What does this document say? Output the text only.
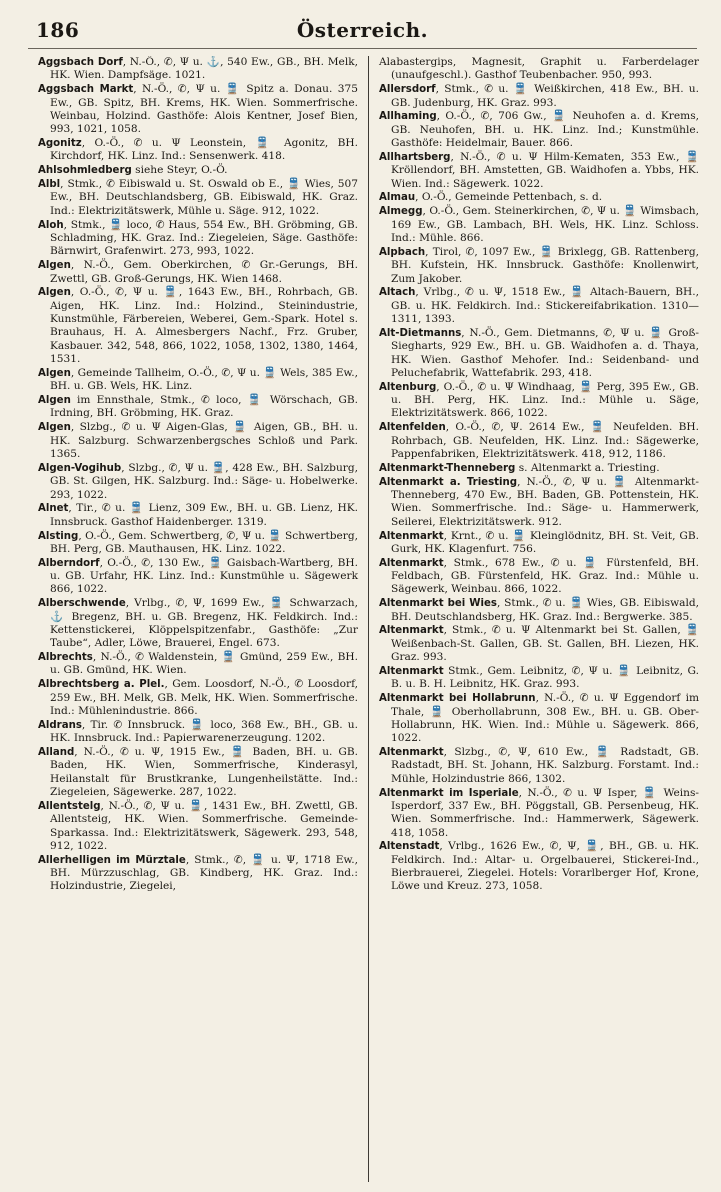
186	Österreich.

Aggsbach Dorf, N.-Ö., ✆, Ψ u. ⚓, 540 Ew., GB., BH. Melk, HK. Wien. Dampfsäge. 1021.

Aggsbach Markt, N.-Ö., ✆, Ψ u. 🚆 Spitz a. Donau. 375 Ew., GB. Spitz, BH. Krems, HK. Wien. Sommerfrische. Weinbau, Holzind. Gasthöfe: Alois Kentner, Josef Bien, 993, 1021, 1058.

Agonitz, O.-Ö., ✆ u. Ψ Leonstein, 🚆 Agonitz, BH. Kirchdorf, HK. Linz. Ind.: Sensenwerk. 418.

Ahlsohmledberg siehe Steyr, O.-Ö.

Albl, Stmk., ✆ Eibiswald u. St. Oswald ob E., 🚆 Wies, 507 Ew., BH. Deutschlandsberg, GB. Eibiswald, HK. Graz. Ind.: Elektrizitätswerk, Mühle u. Säge. 912, 1022.

Aloh, Stmk., 🚆 loco, ✆ Haus, 554 Ew., BH. Gröbming, GB. Schladming, HK. Graz. Ind.: Ziegeleien, Säge. Gasthöfe: Bärnwirt, Grafenwirt. 273, 993, 1022.

Algen, N.-Ö., Gem. Oberkirchen, ✆ Gr.-Gerungs, BH. Zwettl, GB. Groß-Gerungs, HK. Wien 1468.

Algen, O.-Ö., ✆, Ψ u. 🚆, 1643 Ew., BH., Rohrbach, GB. Aigen, HK. Linz. Ind.: Holzind., Steinindustrie, Kunstmühle, Färbereien, Weberei, Gem.-Spark. Hotel s. Brauhaus, H. A. Almesbergers Nachf., Frz. Gruber, Kasbauer. 342, 548, 866, 1022, 1058, 1302, 1380, 1464, 1531.

Algen, Gemeinde Tallheim, O.-Ö., ✆, Ψ u. 🚆 Wels, 385 Ew., BH. u. GB. Wels, HK. Linz.

Algen im Ennsthale, Stmk., ✆ loco, 🚆 Wörschach, GB. Irdning, BH. Gröbming, HK. Graz.

Algen, Slzbg., ✆ u. Ψ Aigen-Glas, 🚆 Aigen, GB., BH. u. HK. Salzburg. Schwarzenbergsches Schloß und Park. 1365.

Algen-Vogihub, Slzbg., ✆, Ψ u. 🚆, 428 Ew., BH. Salzburg, GB. St. Gilgen, HK. Salzburg. Ind.: Säge- u. Hobelwerke. 293, 1022.

Alnet, Tir., ✆ u. 🚆 Lienz, 309 Ew., BH. u. GB. Lienz, HK. Innsbruck. Gasthof Haidenberger. 1319.

Alsting, O.-Ö., Gem. Schwertberg, ✆, Ψ u. 🚆 Schwertberg, BH. Perg, GB. Mauthausen, HK. Linz. 1022.

Alberndorf, O.-Ö., ✆, 130 Ew., 🚆 Gaisbach-Wartberg, BH. u. GB. Urfahr, HK. Linz. Ind.: Kunstmühle u. Sägewerk 866, 1022.

Alberschwende, Vrlbg., ✆, Ψ, 1699 Ew., 🚆 Schwarzach, ⚓ Bregenz, BH. u. GB. Bregenz, HK. Feldkirch. Ind.: Kettenstickerei, Klöppelspitzenfabr., Gasthöfe: „Zur Taube“, Adler, Löwe, Brauerei, Engel. 673.

Albrechts, N.-Ö., ✆ Waldenstein, 🚆 Gmünd, 259 Ew., BH. u. GB. Gmünd, HK. Wien.

Albrechtsberg a. Plel., Gem. Loosdorf, N.-Ö., ✆ Loosdorf, 259 Ew., BH. Melk, GB. Melk, HK. Wien. Sommerfrische. Ind.: Mühlenindustrie. 866.

Aldrans, Tir. ✆ Innsbruck. 🚆 loco, 368 Ew., BH., GB. u. HK. Innsbruck. Ind.: Papierwarenerzeugung. 1202.

Alland, N.-Ö., ✆ u. Ψ, 1915 Ew., 🚆 Baden, BH. u. GB. Baden, HK. Wien, Sommerfrische, Kinderasyl, Heilanstalt für Brustkranke, Lungenheilstätte. Ind.: Ziegeleien, Sägewerke. 287, 1022.

Allentstelg, N.-Ö., ✆, Ψ u. 🚆, 1431 Ew., BH. Zwettl, GB. Allentsteig, HK. Wien. Sommerfrische. Gemeinde-Sparkassa. Ind.: Elektrizitätswerk, Sägewerk. 293, 548, 912, 1022.

Allerhelligen im Mürztale, Stmk., ✆, 🚆 u. Ψ, 1718 Ew., BH. Mürzzuschlag, GB. Kindberg, HK. Graz. Ind.: Holzindustrie, Ziegelei,

Alabastergips, Magnesit, Graphit u. Farberdelager (unaufgeschl.). Gasthof Teubenbacher. 950, 993.

Allersdorf, Stmk., ✆ u. 🚆 Weißkirchen, 418 Ew., BH. u. GB. Judenburg, HK. Graz. 993.

Allhaming, O.-Ö., ✆, 706 Gw., 🚆 Neuhofen a. d. Krems, GB. Neuhofen, BH. u. HK. Linz. Ind.; Kunstmühle. Gasthöfe: Heidelmair, Bauer. 866.

Allhartsberg, N.-Ö., ✆ u. Ψ Hilm-Kematen, 353 Ew., 🚆 Kröllendorf, BH. Amstetten, GB. Waidhofen a. Ybbs, HK. Wien. Ind.: Sägewerk. 1022.

Almau, O.-Ö., Gemeinde Pettenbach, s. d.

Almegg, O.-Ö., Gem. Steinerkirchen, ✆, Ψ u. 🚆 Wimsbach, 169 Ew., GB. Lambach, BH. Wels, HK. Linz. Schloss. Ind.: Mühle. 866.

Alpbach, Tirol, ✆, 1097 Ew., 🚆 Brixlegg, GB. Rattenberg, BH. Kufstein, HK. Innsbruck. Gasthöfe: Knollenwirt, Zum Jakober.

Altach, Vrlbg., ✆ u. Ψ, 1518 Ew., 🚆 Altach-Bauern, BH., GB. u. HK. Feldkirch. Ind.: Stickereifabrikation. 1310—1311, 1393.

Alt-Dietmanns, N.-Ö., Gem. Dietmanns, ✆, Ψ u. 🚆 Groß-Siegharts, 929 Ew., BH. u. GB. Waidhofen a. d. Thaya, HK. Wien. Gasthof Mehofer. Ind.: Seidenband- und Peluchefabrik, Wattefabrik. 293, 418.

Altenburg, O.-Ö., ✆ u. Ψ Windhaag, 🚆 Perg, 395 Ew., GB. u. BH. Perg, HK. Linz. Ind.: Mühle u. Säge, Elektrizitätswerk. 866, 1022.

Altenfelden, O.-Ö., ✆, Ψ. 2614 Ew., 🚆 Neufelden. BH. Rohrbach, GB. Neufelden, HK. Linz. Ind.: Sägewerke, Pappenfabriken, Elektrizitätswerk. 418, 912, 1186.

Altenmarkt-Thenneberg s. Altenmarkt a. Triesting.

Altenmarkt a. Triesting, N.-Ö., ✆, Ψ u. 🚆 Altenmarkt-Thenneberg, 470 Ew., BH. Baden, GB. Pottenstein, HK. Wien. Sommerfrische. Ind.: Säge- u. Hammerwerk, Seilerei, Elektrizitätswerk. 912.

Altenmarkt, Krnt., ✆ u. 🚆 Kleinglödnitz, BH. St. Veit, GB. Gurk, HK. Klagenfurt. 756.

Altenmarkt, Stmk., 678 Ew., ✆ u. 🚆 Fürstenfeld, BH. Feldbach, GB. Fürstenfeld, HK. Graz. Ind.: Mühle u. Sägewerk, Weinbau. 866, 1022.

Altenmarkt bei Wies, Stmk., ✆ u. 🚆 Wies, GB. Eibiswald, BH. Deutschlandsberg, HK. Graz. Ind.: Bergwerke. 385.

Altenmarkt, Stmk., ✆ u. Ψ Altenmarkt bei St. Gallen, 🚆 Weißenbach-St. Gallen, GB. St. Gallen, BH. Liezen, HK. Graz. 993.

Altenmarkt Stmk., Gem. Leibnitz, ✆, Ψ u. 🚆 Leibnitz, G. B. u. B. H. Leibnitz, HK. Graz. 993.

Altenmarkt bei Hollabrunn, N.-Ö., ✆ u. Ψ Eggendorf im Thale, 🚆 Oberhollabrunn, 308 Ew., BH. u. GB. Ober-Hollabrunn, HK. Wien. Ind.: Mühle u. Sägewerk. 866, 1022.

Altenmarkt, Slzbg., ✆, Ψ, 610 Ew., 🚆 Radstadt, GB. Radstadt, BH. St. Johann, HK. Salzburg. Forstamt. Ind.: Mühle, Holzindustrie 866, 1302.

Altenmarkt im Isperiale, N.-Ö., ✆ u. Ψ Isper, 🚆 Weins-Isperdorf, 337 Ew., BH. Pöggstall, GB. Persenbeug, HK. Wien. Sommerfrische. Ind.: Hammerwerk, Sägewerk. 418, 1058.

Altenstadt, Vrlbg., 1626 Ew., ✆, Ψ, 🚆, BH., GB. u. HK. Feldkirch. Ind.: Altar- u. Orgelbauerei, Stickerei-Ind., Bierbrauerei, Ziegelei. Hotels: Vorarlberger Hof, Krone, Löwe und Kreuz. 273, 1058.
